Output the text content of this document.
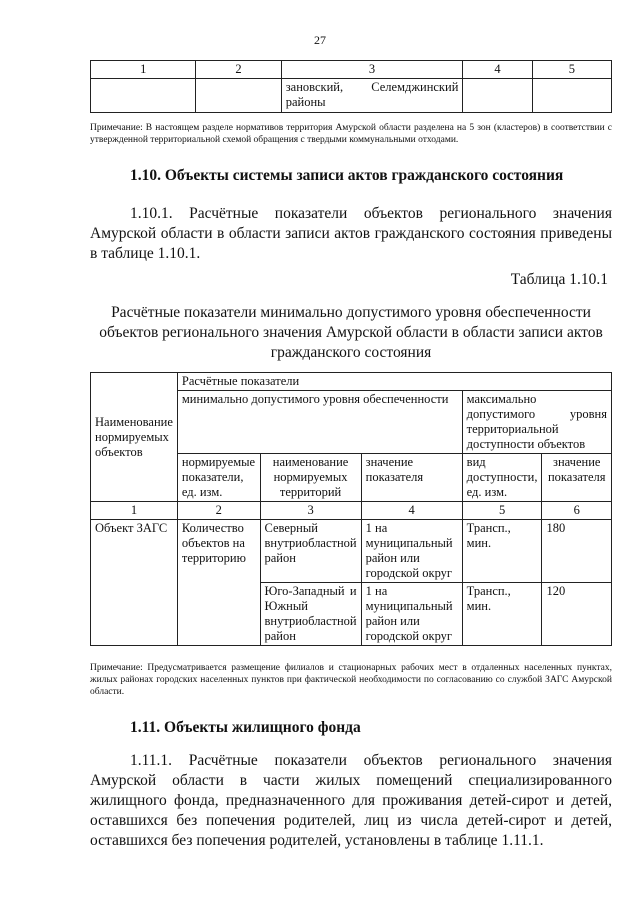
27
1	2	3	4	5
		зановский, Селемджинский районы		

Примечание: В настоящем разделе нормативов территория Амурской области разделена на 5 зон (кластеров) в соответствии с утвержденной территориальной схемой обращения с твердыми коммунальными отходами.

1.10. Объекты системы записи актов гражданского состояния

1.10.1. Расчётные показатели объектов регионального значения Амурской области в области записи актов гражданского состояния приведены в таблице 1.10.1.

Таблица 1.10.1
Расчётные показатели минимально допустимого уровня обеспеченности объектов регионального значения Амурской области в области записи актов гражданского состояния
Наименование нормируемых объектов	Расчётные показатели				
	минимально допустимого уровня обеспеченности			максимально допустимого уровня территориальной доступности объектов	
	нормируемые показатели, ед. изм.	наименование нормируемых территорий	значение показателя	вид доступности, ед. изм.	значение показателя
1	2	3	4	5	6
Объект ЗАГС	Количество объектов на территорию	Северный внутриобластной район	1 на муниципальный район или городской округ	Трансп., мин.	180
		Юго-Западный и Южный внутриобластной район	1 на муниципальный район или городской округ	Трансп., мин.	120

Примечание: Предусматривается размещение филиалов и стационарных рабочих мест в отдаленных населенных пунктах, жилых районах городских населенных пунктов при фактической необходимости по согласованию со службой ЗАГС Амурской области.

1.11. Объекты жилищного фонда

1.11.1. Расчётные показатели объектов регионального значения Амурской области в части жилых помещений специализированного жилищного фонда, предназначенного для проживания детей-сирот и детей, оставшихся без попечения родителей, лиц из числа детей-сирот и детей, оставшихся без попечения родителей, установлены в таблице 1.11.1.
